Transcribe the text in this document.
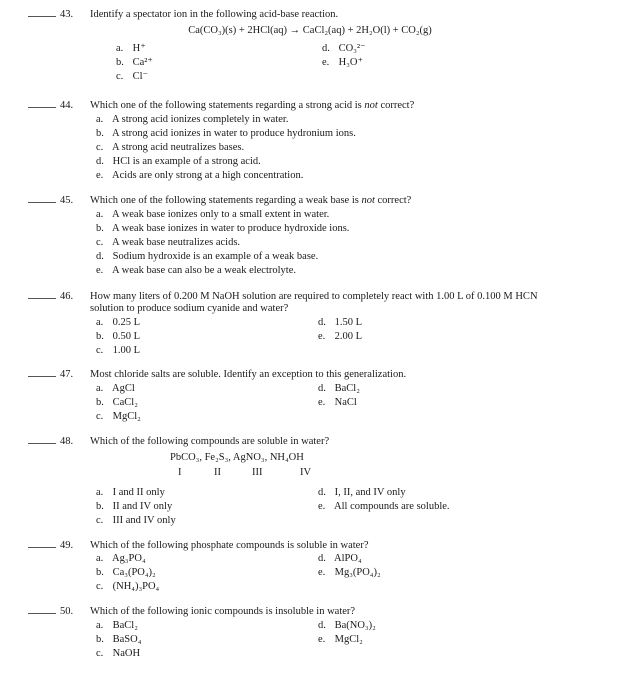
43. Identify a spectator ion in the following acid-base reaction.
Ca(CO₃)(s) + 2HCl(aq) → CaCl₂(aq) + 2H₂O(l) + CO₂(g)
a. H⁺
b. Ca²⁺
c. Cl⁻
d. CO₃²⁻
e. H₃O⁺
44. Which one of the following statements regarding a strong acid is not correct?
a. A strong acid ionizes completely in water.
b. A strong acid ionizes in water to produce hydronium ions.
c. A strong acid neutralizes bases.
d. HCl is an example of a strong acid.
e. Acids are only strong at a high concentration.
45. Which one of the following statements regarding a weak base is not correct?
a. A weak base ionizes only to a small extent in water.
b. A weak base ionizes in water to produce hydroxide ions.
c. A weak base neutralizes acids.
d. Sodium hydroxide is an example of a weak base.
e. A weak base can also be a weak electrolyte.
46. How many liters of 0.200 M NaOH solution are required to completely react with 1.00 L of 0.100 M HCN
solution to produce sodium cyanide and water?
a. 0.25 L
b. 0.50 L
c. 1.00 L
d. 1.50 L
e. 2.00 L
47. Most chloride salts are soluble. Identify an exception to this generalization.
a. AgCl
b. CaCl₂
c. MgCl₂
d. BaCl₂
e. NaCl
48. Which of the following compounds are soluble in water?
PbCO₃, Fe₂S₃, AgNO₃, NH₄OH
I	II	III	IV
a. I and II only
b. II and IV only
c. III and IV only
d. I, II, and IV only
e. All compounds are soluble.
49. Which of the following phosphate compounds is soluble in water?
a. Ag₃PO₄
b. Ca₃(PO₄)₂
c. (NH₄)₃PO₄
d. AlPO₄
e. Mg₃(PO₄)₂
50. Which of the following ionic compounds is insoluble in water?
a. BaCl₂
b. BaSO₄
c. NaOH
d. Ba(NO₃)₂
e. MgCl₂
